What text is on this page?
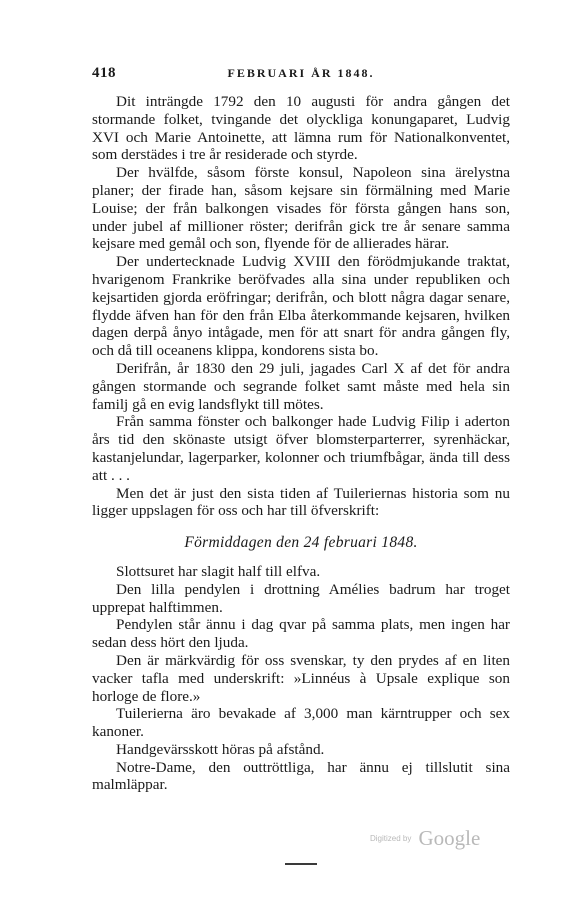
418	FEBRUARI ÅR 1848.

Dit inträngde 1792 den 10 augusti för andra gången det stormande folket, tvingande det olyckliga konungaparet, Ludvig XVI och Marie Antoinette, att lämna rum för Nationalkonventet, som derstädes i tre år residerade och styrde.

Der hvälfde, såsom förste konsul, Napoleon sina ärelystna planer; der firade han, såsom kejsare sin förmälning med Marie Louise; der från balkongen visades för första gången hans son, under jubel af millioner röster; derifrån gick tre år senare samma kejsare med gemål och son, flyende för de allierades härar.

Der undertecknade Ludvig XVIII den förödmjukande traktat, hvarigenom Frankrike beröfvades alla sina under republiken och kejsartiden gjorda eröfringar; derifrån, och blott några dagar senare, flydde äfven han för den från Elba återkommande kejsaren, hvilken dagen derpå ånyo intågade, men för att snart för andra gången fly, och då till oceanens klippa, kondorens sista bo.

Derifrån, år 1830 den 29 juli, jagades Carl X af det för andra gången stormande och segrande folket samt måste med hela sin familj gå en evig landsflykt till mötes.

Från samma fönster och balkonger hade Ludvig Filip i aderton års tid den skönaste utsigt öfver blomsterparterrer, syrenhäckar, kastanjelundar, lagerparker, kolonner och triumfbågar, ända till dess att . . .

Men det är just den sista tiden af Tuileriernas historia som nu ligger uppslagen för oss och har till öfverskrift:

Förmiddagen den 24 februari 1848.

Slottsuret har slagit half till elfva.

Den lilla pendylen i drottning Amélies badrum har troget upprepat halftimmen.

Pendylen står ännu i dag qvar på samma plats, men ingen har sedan dess hört den ljuda.

Den är märkvärdig för oss svenskar, ty den prydes af en liten vacker tafla med underskrift: »Linnéus à Upsale explique son horloge de flore.»

Tuilerierna äro bevakade af 3,000 man kärntrupper och sex kanoner.

Handgevärsskott höras på afstånd.

Notre-Dame, den outtröttliga, har ännu ej tillslutit sina malmläppar.

Digitized by Google
